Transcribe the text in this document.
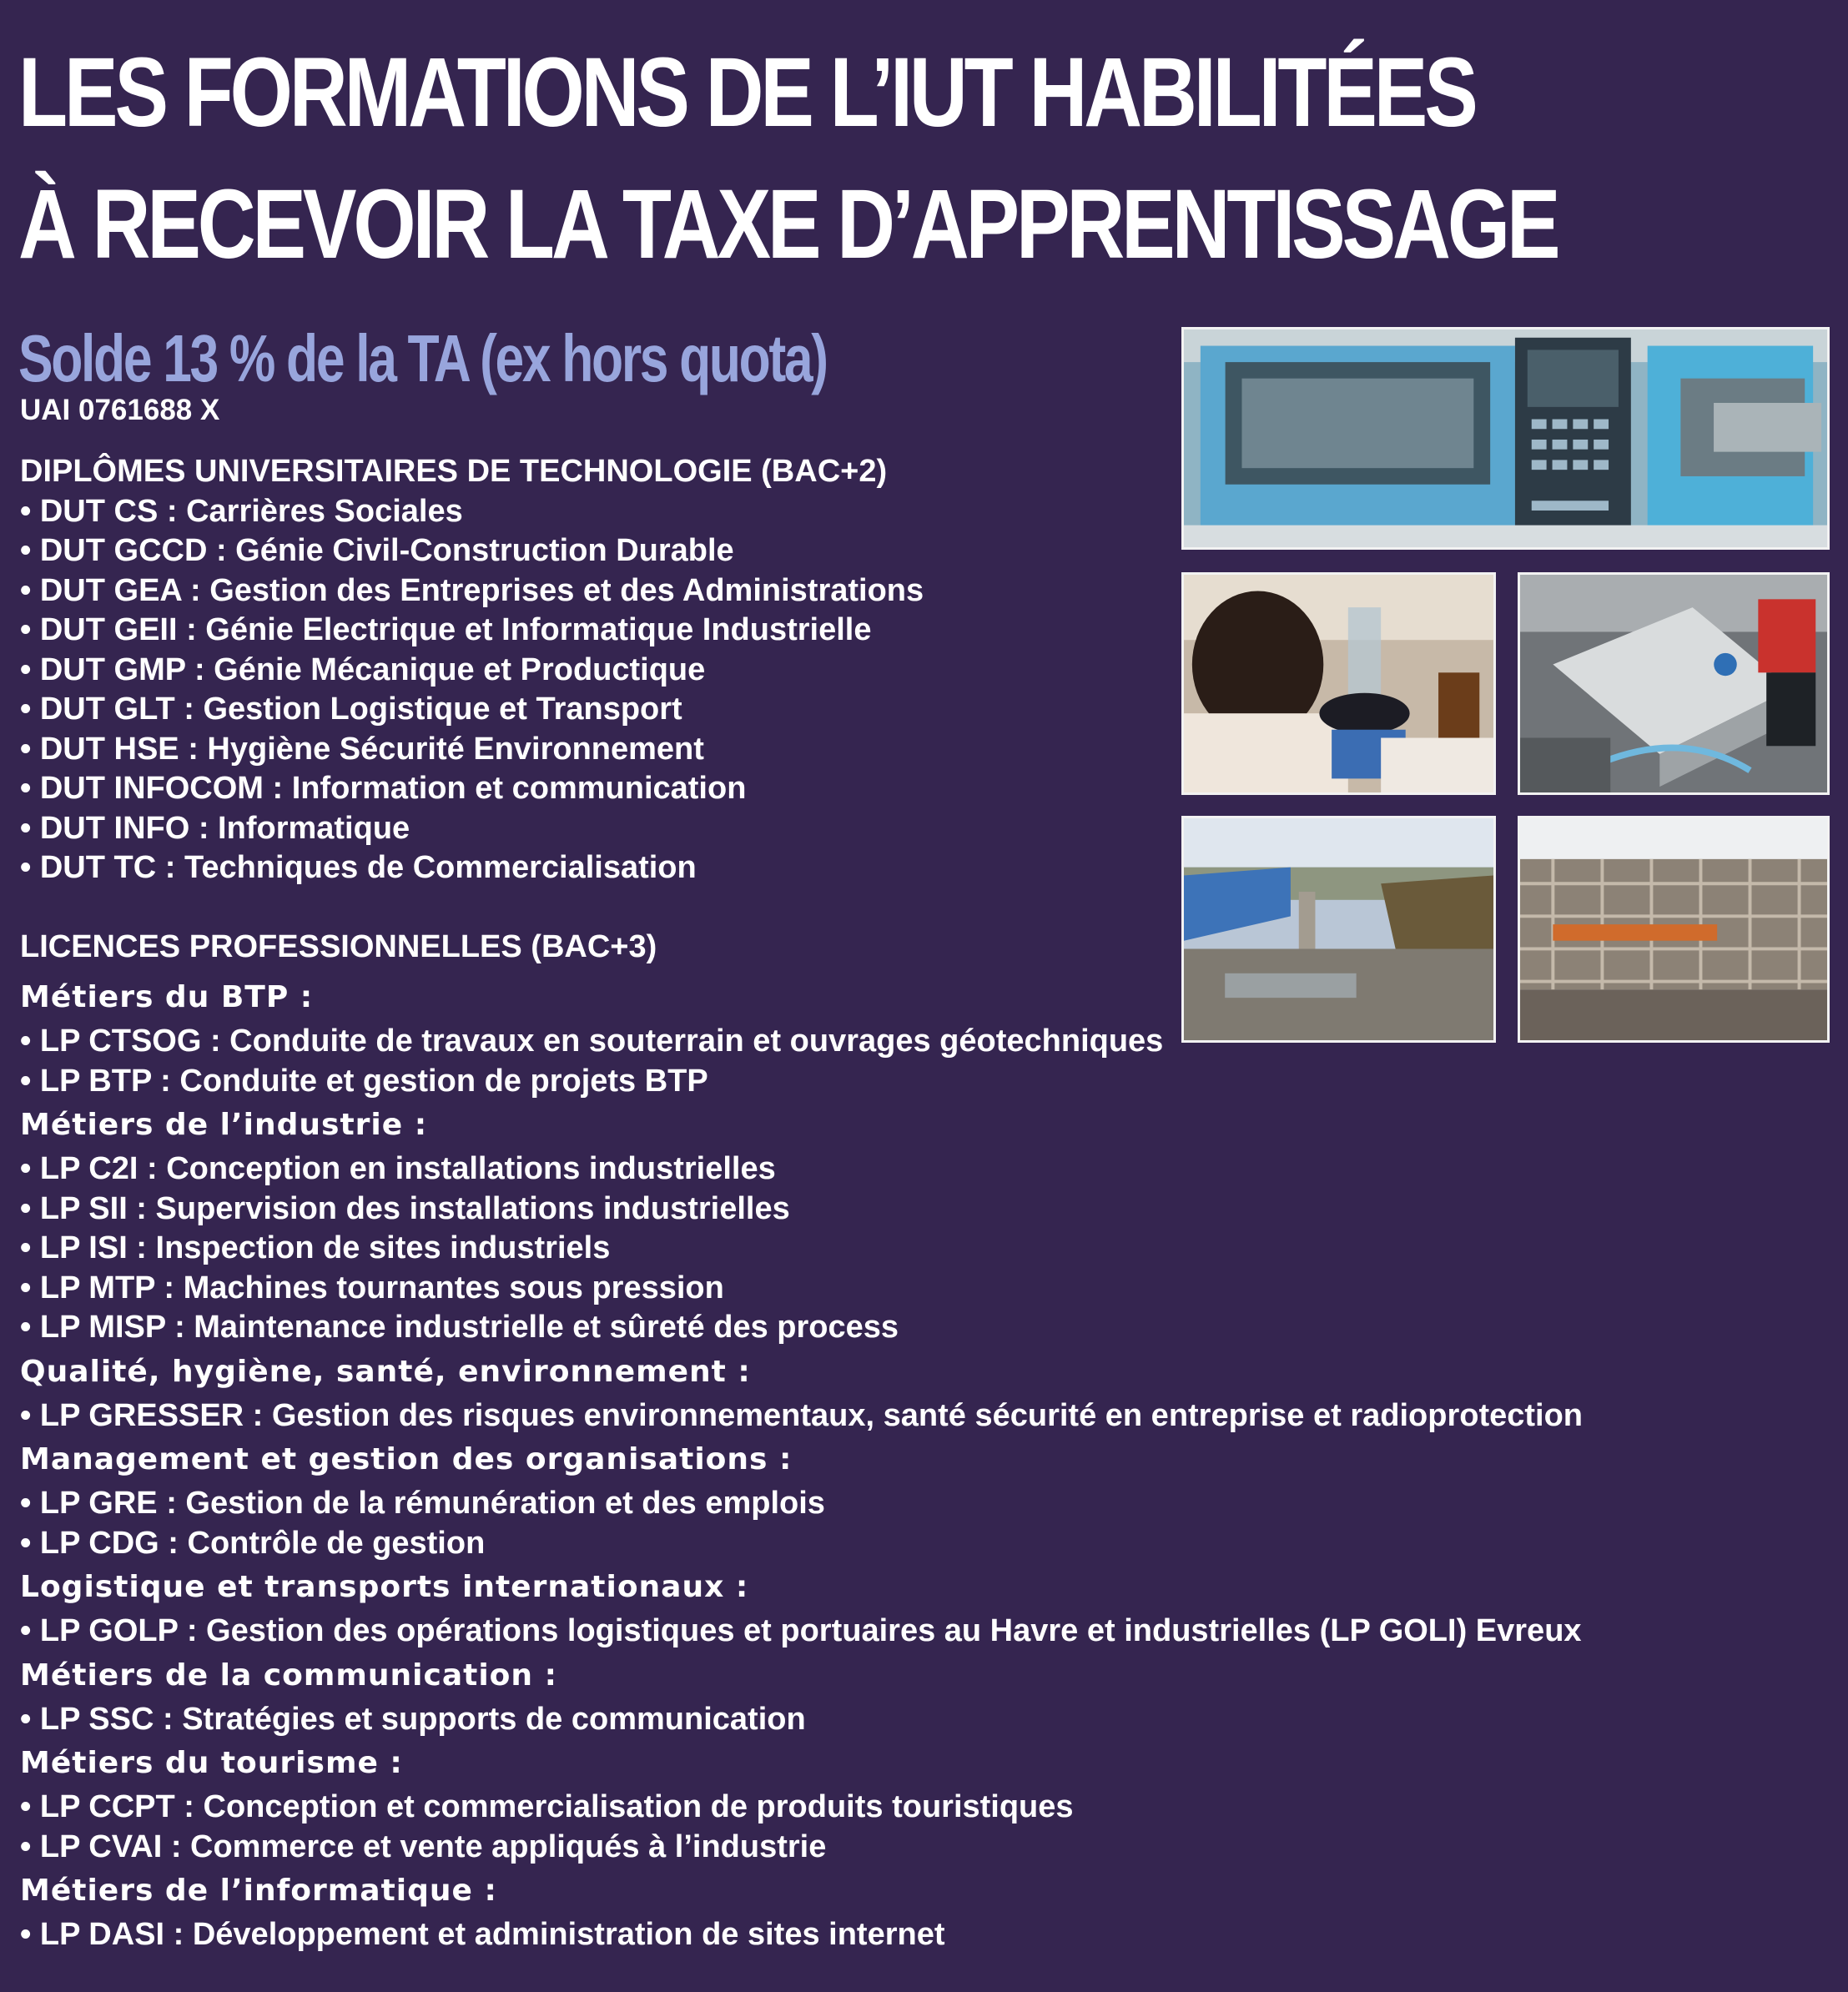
LES FORMATIONS DE L’IUT HABILITÉES
À RECEVOIR LA TAXE D’APPRENTISSAGE
Solde 13 % de la TA (ex hors quota)
UAI 0761688 X
DIPLÔMES UNIVERSITAIRES DE TECHNOLOGIE (BAC+2)
• DUT CS : Carrières Sociales
• DUT GCCD : Génie Civil-Construction Durable
• DUT GEA : Gestion des Entreprises et des Administrations
• DUT GEII : Génie Electrique et Informatique Industrielle
• DUT GMP : Génie Mécanique et Productique
• DUT GLT : Gestion Logistique et Transport
• DUT HSE : Hygiène Sécurité Environnement
• DUT INFOCOM : Information et communication
• DUT INFO : Informatique
• DUT TC : Techniques de Commercialisation
LICENCES PROFESSIONNELLES (BAC+3)
Métiers du BTP :
• LP CTSOG : Conduite de travaux en souterrain et ouvrages géotechniques
• LP BTP : Conduite et gestion de projets BTP
Métiers de l’industrie :
• LP C2I : Conception en installations industrielles
• LP SII : Supervision des installations industrielles
• LP ISI : Inspection de sites industriels
• LP MTP : Machines tournantes sous pression
• LP MISP : Maintenance industrielle et sûreté des process
Qualité, hygiène, santé, environnement :
• LP GRESSER : Gestion des risques environnementaux, santé sécurité en entreprise et radioprotection
Management et gestion des organisations :
• LP GRE : Gestion de la rémunération et des emplois
• LP CDG : Contrôle de gestion
Logistique et transports internationaux :
• LP GOLP : Gestion des opérations logistiques et portuaires au Havre et industrielles (LP GOLI) Evreux
Métiers de la communication :
• LP SSC : Stratégies et supports de communication
Métiers du tourisme :
• LP CCPT : Conception et commercialisation de produits touristiques
• LP CVAI : Commerce et vente appliqués à l’industrie
Métiers de l’informatique :
• LP DASI : Développement et administration de sites internet
